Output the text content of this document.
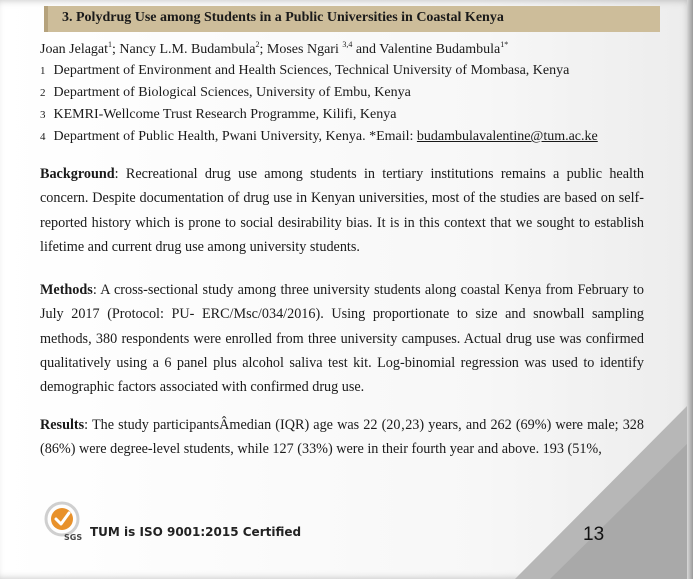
3. Polydrug Use among Students in a Public Universities in Coastal Kenya
Joan Jelagat$^1$; Nancy L.M. Budambula$^2$; Moses Ngari $^{3,4}$ and Valentine Budambula$^{1*}$
1 Department of Environment and Health Sciences, Technical University of Mombasa, Kenya
2 Department of Biological Sciences, University of Embu, Kenya
3 KEMRI-Wellcome Trust Research Programme, Kilifi, Kenya
4 Department of Public Health, Pwani University, Kenya. *Email: budambulavalentine@tum.ac.ke
Background: Recreational drug use among students in tertiary institutions remains a public health concern. Despite documentation of drug use in Kenyan universities, most of the studies are based on self-reported history which is prone to social desirability bias. It is in this context that we sought to establish lifetime and current drug use among university students.
Methods: A cross-sectional study among three university students along coastal Kenya from February to July 2017 (Protocol: PU- ERC/Msc/034/2016). Using proportionate to size and snowball sampling methods, 380 respondents were enrolled from three university campuses. Actual drug use was confirmed qualitatively using a 6 panel plus alcohol saliva test kit. Log-binomial regression was used to identify demographic factors associated with confirmed drug use.
Results: The study participantsÂmedian (IQR) age was 22 (20‚23) years, and 262 (69%) were male; 328 (86%) were degree-level students, while 127 (33%) were in their fourth year and above. 193 (51%,
SGS TUM is ISO 9001:2015 Certified	13
